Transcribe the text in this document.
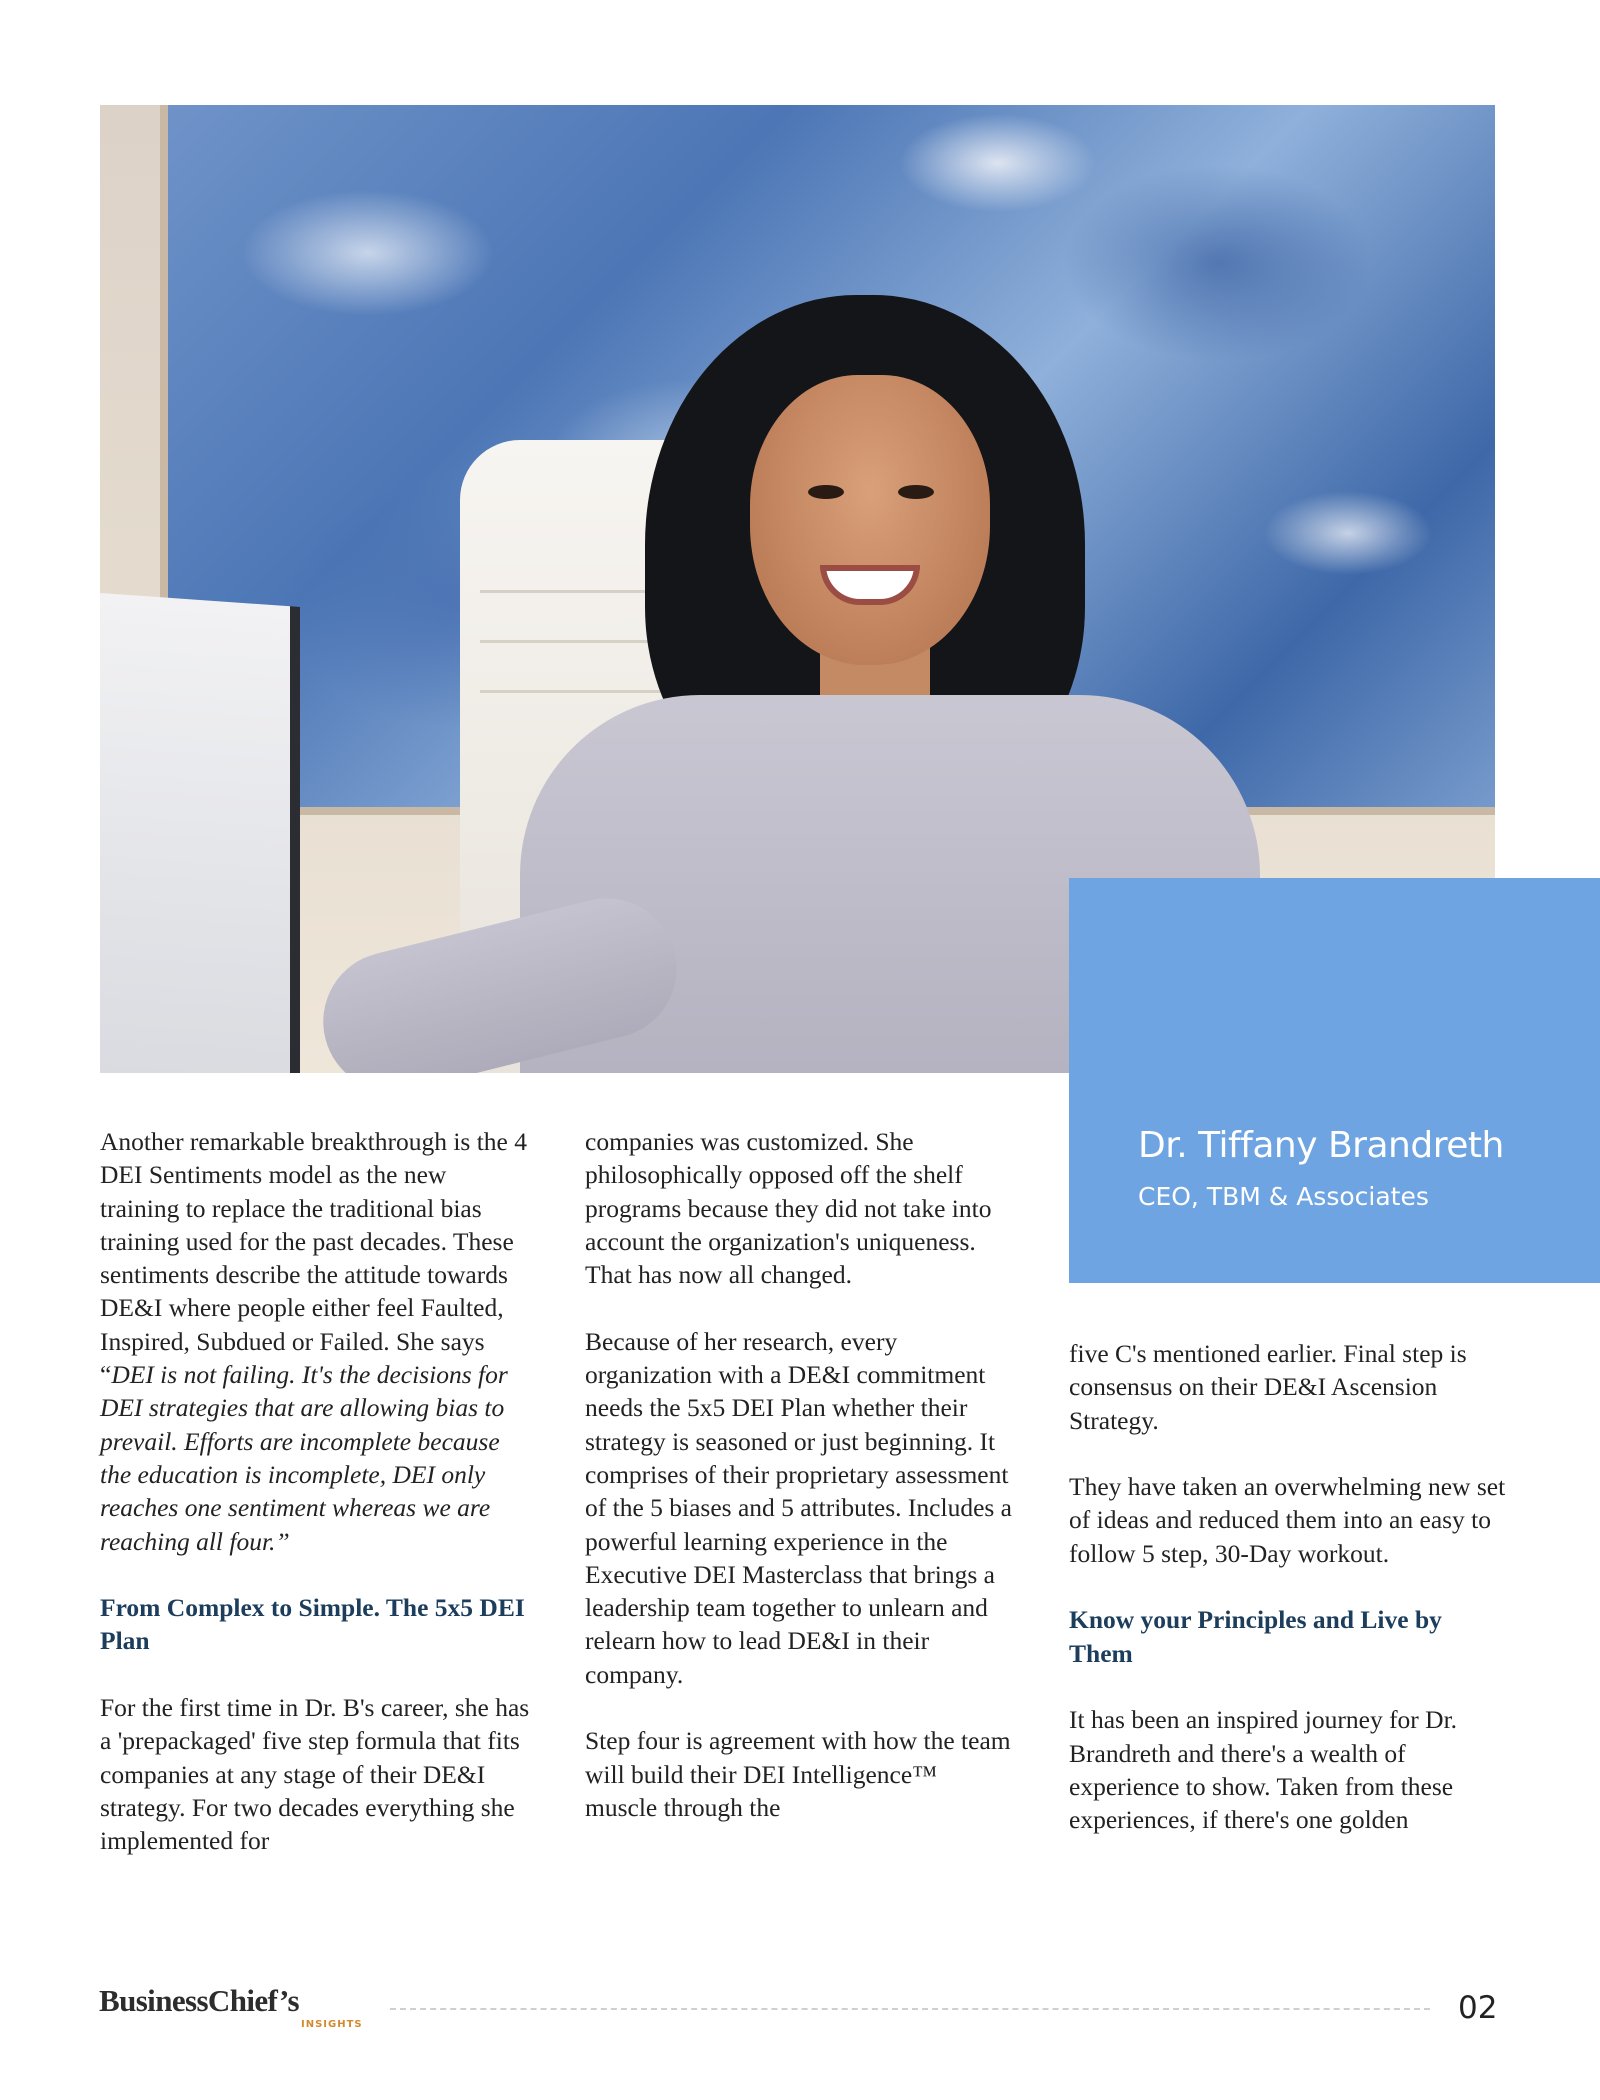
Dr. Tiffany Brandreth
CEO, TBM & Associates

Another remarkable breakthrough is the 4 DEI Sentiments model as the new training to replace the traditional bias training used for the past decades. These sentiments describe the attitude towards DE&I where people either feel Faulted, Inspired, Subdued or Failed. She says “DEI is not failing. It's the decisions for DEI strategies that are allowing bias to prevail. Efforts are incomplete because the education is incomplete, DEI only reaches one sentiment whereas we are reaching all four.”

From Complex to Simple. The 5x5 DEI Plan

For the first time in Dr. B's career, she has a 'prepackaged' five step formula that fits companies at any stage of their DE&I strategy. For two decades everything she implemented for

companies was customized. She philosophically opposed off the shelf programs because they did not take into account the organization's uniqueness. That has now all changed.

Because of her research, every organization with a DE&I commitment needs the 5x5 DEI Plan whether their strategy is seasoned or just beginning. It comprises of their proprietary assessment of the 5 biases and 5 attributes. Includes a powerful learning experience in the Executive DEI Masterclass that brings a leadership team together to unlearn and relearn how to lead DE&I in their company.

Step four is agreement with how the team will build their DEI Intelligence™ muscle through the

five C's mentioned earlier. Final step is consensus on their DE&I Ascension Strategy.

They have taken an overwhelming new set of ideas and reduced them into an easy to follow 5 step, 30-Day workout.

Know your Principles and Live by Them

It has been an inspired journey for Dr. Brandreth and there's a wealth of experience to show. Taken from these experiences, if there's one golden

BusinessChief’s
INSIGHTS	02
